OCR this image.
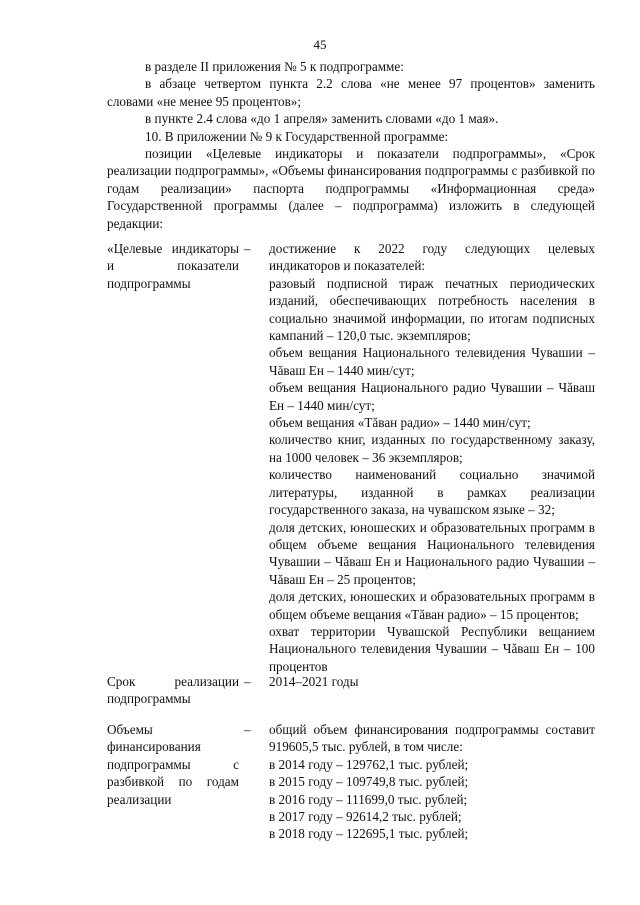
45

в разделе II приложения № 5 к подпрограмме:

в абзаце четвертом пункта 2.2 слова «не менее 97 процентов» заменить словами «не менее 95 процентов»;

в пункте 2.4 слова «до 1 апреля» заменить словами «до 1 мая».

10. В приложении № 9 к Государственной программе:

позиции «Целевые индикаторы и показатели подпрограммы», «Срок реализации подпрограммы», «Объемы финансирования подпрограммы с разбивкой по годам реализации» паспорта подпрограммы «Информационная среда» Государственной программы (далее – подпрограмма) изложить в следующей редакции:

«Целевые индикаторы и показатели подпрограммы
– достижение к 2022 году следующих целевых индикаторов и показателей:

разовый подписной тираж печатных периодических изданий, обеспечивающих потребность населения в социально значимой информации, по итогам подписных кампаний – 120,0 тыс. экземпляров;

объем вещания Национального телевидения Чувашии – Чăваш Ен – 1440 мин/сут;

объем вещания Национального радио Чувашии – Чăваш Ен – 1440 мин/сут;

объем вещания «Тăван радио» – 1440 мин/сут;

количество книг, изданных по государственному заказу, на 1000 человек – 36 экземпляров;

количество наименований социально значимой литературы, изданной в рамках реализации государственного заказа, на чувашском языке – 32;

доля детских, юношеских и образовательных программ в общем объеме вещания Национального телевидения Чувашии – Чăваш Ен и Национального радио Чувашии – Чăваш Ен – 25 процентов;

доля детских, юношеских и образовательных программ в общем объеме вещания «Тăван радио» – 15 процентов;

охват территории Чувашской Республики вещанием Национального телевидения Чувашии – Чăваш Ен – 100 процентов

Срок реализации подпрограммы
– 2014–2021 годы

Объемы финансирования подпрограммы с разбивкой по годам реализации
– общий объем финансирования подпрограммы составит 919605,5 тыс. рублей, в том числе:

в 2014 году – 129762,1 тыс. рублей;

в 2015 году – 109749,8 тыс. рублей;

в 2016 году – 111699,0 тыс. рублей;

в 2017 году – 92614,2 тыс. рублей;

в 2018 году – 122695,1 тыс. рублей;
